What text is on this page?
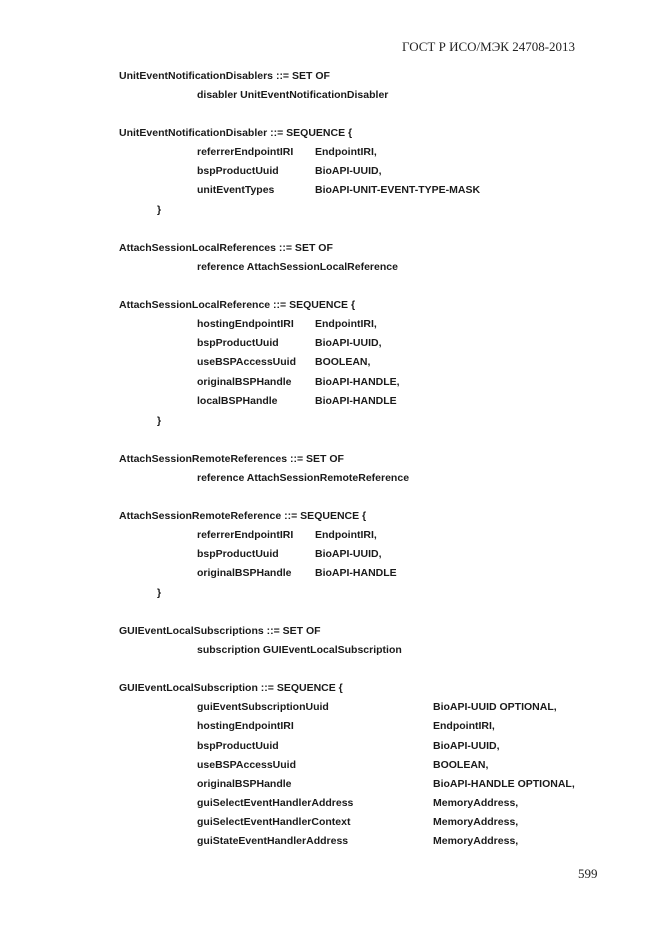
ГОСТ Р ИСО/МЭК 24708-2013
UnitEventNotificationDisablers ::= SET OF
disabler UnitEventNotificationDisabler
UnitEventNotificationDisabler ::= SEQUENCE {
referrerEndpointIRI EndpointIRI,
bspProductUuid	BioAPI-UUID,
unitEventTypes	BioAPI-UNIT-EVENT-TYPE-MASK
}
AttachSessionLocalReferences ::= SET OF
reference AttachSessionLocalReference
AttachSessionLocalReference ::= SEQUENCE {
hostingEndpointIRI EndpointIRI,
bspProductUuid	BioAPI-UUID,
useBSPAccessUuid BOOLEAN,
originalBSPHandle BioAPI-HANDLE,
localBSPHandle	BioAPI-HANDLE
}
AttachSessionRemoteReferences ::= SET OF
reference AttachSessionRemoteReference
AttachSessionRemoteReference ::= SEQUENCE {
referrerEndpointIRI EndpointIRI,
bspProductUuid	BioAPI-UUID,
originalBSPHandle BioAPI-HANDLE
}
GUIEventLocalSubscriptions ::= SET OF
subscription GUIEventLocalSubscription
GUIEventLocalSubscription ::= SEQUENCE {
guiEventSubscriptionUuid	BioAPI-UUID OPTIONAL,
hostingEndpointIRI	EndpointIRI,
bspProductUuid	BioAPI-UUID,
useBSPAccessUuid	BOOLEAN,
originalBSPHandle	BioAPI-HANDLE OPTIONAL,
guiSelectEventHandlerAddress	MemoryAddress,
guiSelectEventHandlerContext	MemoryAddress,
guiStateEventHandlerAddress	MemoryAddress,
599
